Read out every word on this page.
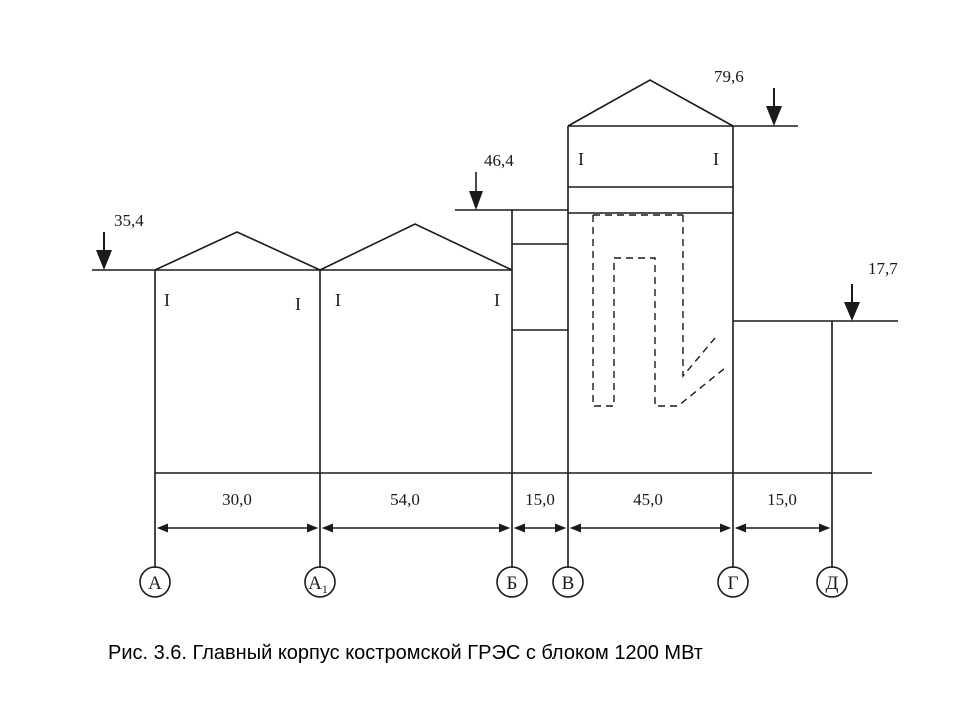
35,4
46,4
79,6
17,7
I	I I	I
I	I
30,0	54,0	15,0	45,0	15,0
А	$А_1$	Б В	Г	Д
Рис. 3.6. Главный корпус костромской ГРЭС с блоком 1200 МВт
